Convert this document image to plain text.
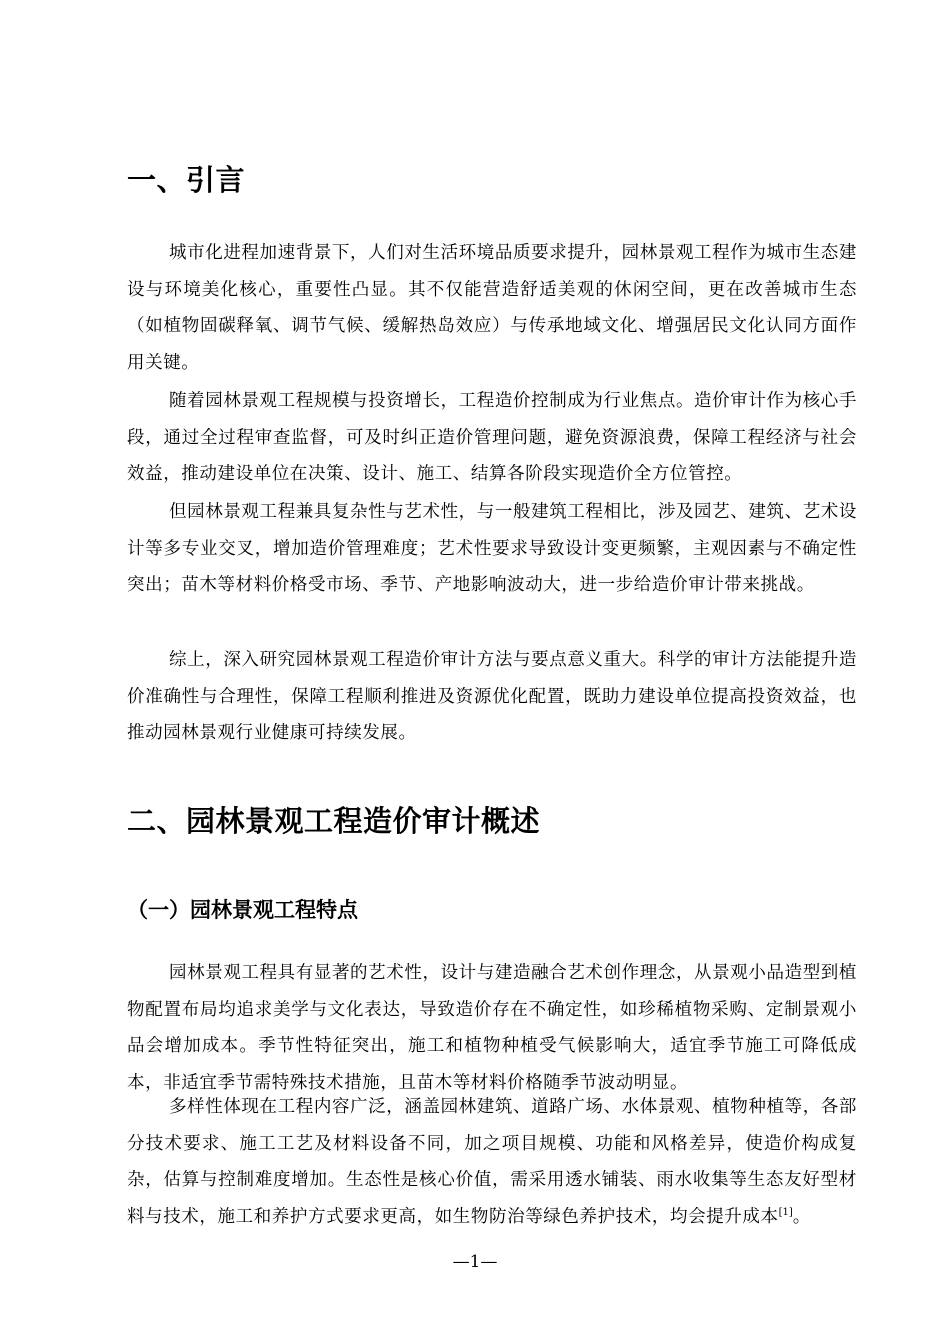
一、引言

城市化进程加速背景下，人们对生活环境品质要求提升，园林景观工程作为城市生态建设与环境美化核心，重要性凸显。其不仅能营造舒适美观的休闲空间，更在改善城市生态（如植物固碳释氧、调节气候、缓解热岛效应）与传承地域文化、增强居民文化认同方面作用关键。

随着园林景观工程规模与投资增长，工程造价控制成为行业焦点。造价审计作为核心手段，通过全过程审查监督，可及时纠正造价管理问题，避免资源浪费，保障工程经济与社会效益，推动建设单位在决策、设计、施工、结算各阶段实现造价全方位管控。

但园林景观工程兼具复杂性与艺术性，与一般建筑工程相比，涉及园艺、建筑、艺术设计等多专业交叉，增加造价管理难度；艺术性要求导致设计变更频繁，主观因素与不确定性突出；苗木等材料价格受市场、季节、产地影响波动大，进一步给造价审计带来挑战。

综上，深入研究园林景观工程造价审计方法与要点意义重大。科学的审计方法能提升造价准确性与合理性，保障工程顺利推进及资源优化配置，既助力建设单位提高投资效益，也推动园林景观行业健康可持续发展。

二、园林景观工程造价审计概述
（一）园林景观工程特点

园林景观工程具有显著的艺术性，设计与建造融合艺术创作理念，从景观小品造型到植物配置布局均追求美学与文化表达，导致造价存在不确定性，如珍稀植物采购、定制景观小品会增加成本。季节性特征突出，施工和植物种植受气候影响大，适宜季节施工可降低成本，非适宜季节需特殊技术措施，且苗木等材料价格随季节波动明显。

多样性体现在工程内容广泛，涵盖园林建筑、道路广场、水体景观、植物种植等，各部分技术要求、施工工艺及材料设备不同，加之项目规模、功能和风格差异，使造价构成复杂，估算与控制难度增加。生态性是核心价值，需采用透水铺装、雨水收集等生态友好型材料与技术，施工和养护方式要求更高，如生物防治等绿色养护技术，均会提升成本[1]。

—1—
